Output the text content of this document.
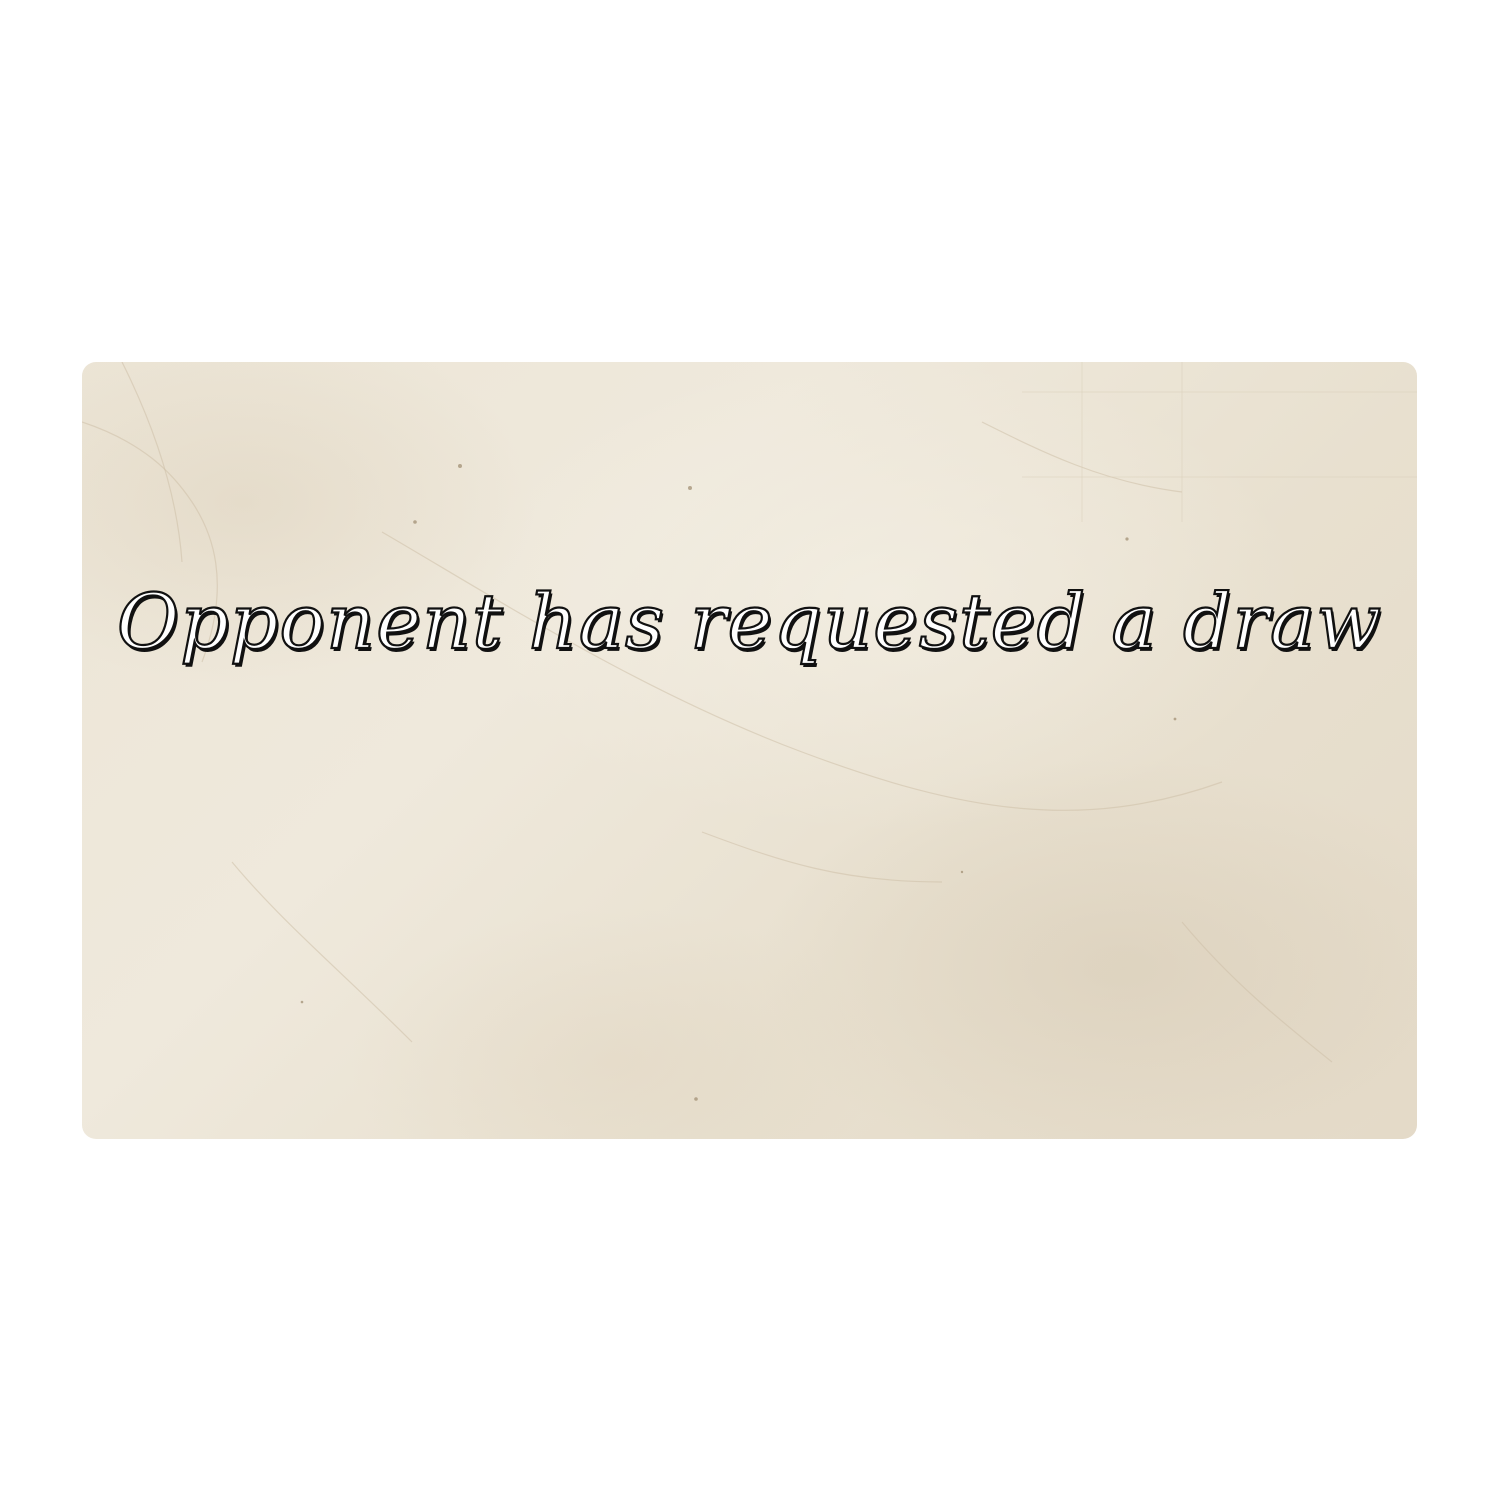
Opponent has requested a draw
